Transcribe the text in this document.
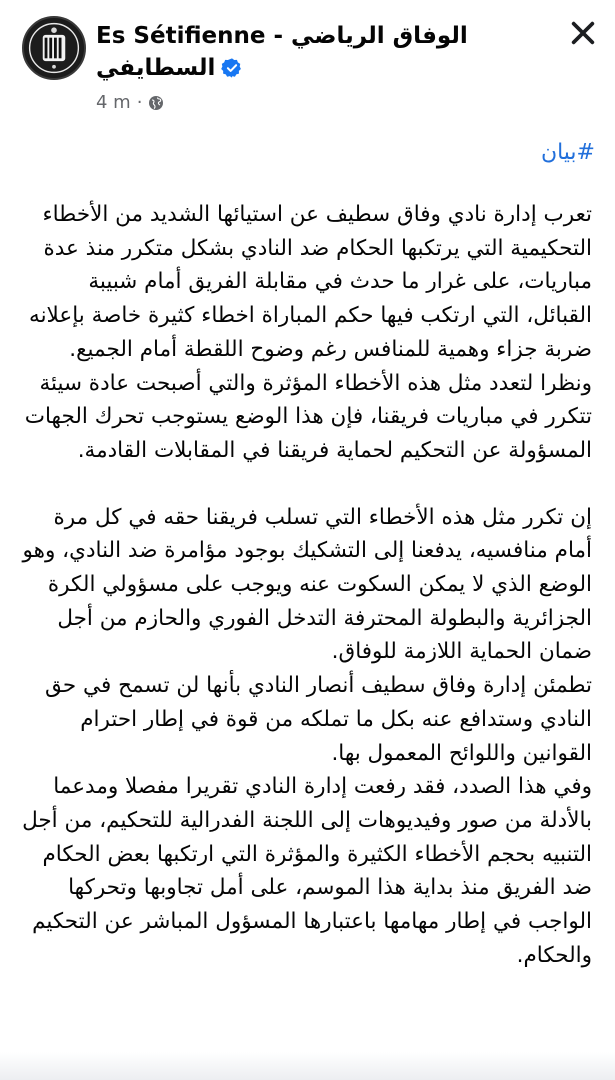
Es Sétifienne - الوفاق الرياضي السطايفي
4 m ·
#بيان
تعرب إدارة نادي وفاق سطيف عن استيائها الشديد من الأخطاء التحكيمية التي يرتكبها الحكام ضد النادي بشكل متكرر منذ عدة مباريات، على غرار ما حدث في مقابلة الفريق أمام شبيبة القبائل، التي ارتكب فيها حكم المباراة اخطاء كثيرة خاصة بإعلانه ضربة جزاء وهمية للمنافس رغم وضوح اللقطة أمام الجميع.
ونظرا لتعدد مثل هذه الأخطاء المؤثرة والتي أصبحت عادة سيئة تتكرر في مباريات فريقنا، فإن هذا الوضع يستوجب تحرك الجهات المسؤولة عن التحكيم لحماية فريقنا في المقابلات القادمة.
إن تكرر مثل هذه الأخطاء التي تسلب فريقنا حقه في كل مرة أمام منافسيه، يدفعنا إلى التشكيك بوجود مؤامرة ضد النادي، وهو الوضع الذي لا يمكن السكوت عنه ويوجب على مسؤولي الكرة الجزائرية والبطولة المحترفة التدخل الفوري والحازم من أجل ضمان الحماية اللازمة للوفاق.
تطمئن إدارة وفاق سطيف أنصار النادي بأنها لن تسمح في حق النادي وستدافع عنه بكل ما تملكه من قوة في إطار احترام القوانين واللوائح المعمول بها.
وفي هذا الصدد، فقد رفعت إدارة النادي تقريرا مفصلا ومدعما بالأدلة من صور وفيديوهات إلى اللجنة الفدرالية للتحكيم، من أجل التنبيه بحجم الأخطاء الكثيرة والمؤثرة التي ارتكبها بعض الحكام ضد الفريق منذ بداية هذا الموسم، على أمل تجاوبها وتحركها الواجب في إطار مهامها باعتبارها المسؤول المباشر عن التحكيم والحكام.
